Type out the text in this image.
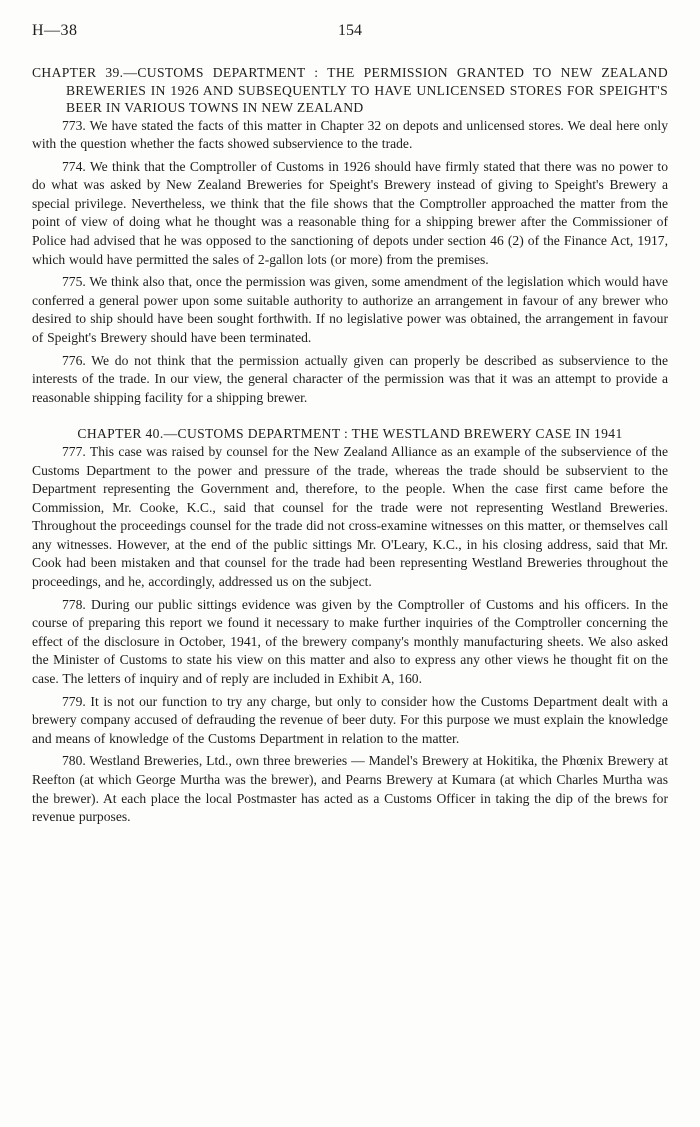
H—38	154
CHAPTER 39.—CUSTOMS DEPARTMENT : THE PERMISSION GRANTED TO NEW ZEALAND BREWERIES IN 1926 AND SUBSEQUENTLY TO HAVE UNLICENSED STORES FOR SPEIGHT'S BEER IN VARIOUS TOWNS IN NEW ZEALAND

773. We have stated the facts of this matter in Chapter 32 on depots and unlicensed stores. We deal here only with the question whether the facts showed subservience to the trade.

774. We think that the Comptroller of Customs in 1926 should have firmly stated that there was no power to do what was asked by New Zealand Breweries for Speight's Brewery instead of giving to Speight's Brewery a special privilege. Nevertheless, we think that the file shows that the Comptroller approached the matter from the point of view of doing what he thought was a reasonable thing for a shipping brewer after the Commissioner of Police had advised that he was opposed to the sanctioning of depots under section 46 (2) of the Finance Act, 1917, which would have permitted the sales of 2-gallon lots (or more) from the premises.

775. We think also that, once the permission was given, some amendment of the legislation which would have conferred a general power upon some suitable authority to authorize an arrangement in favour of any brewer who desired to ship should have been sought forthwith. If no legislative power was obtained, the arrangement in favour of Speight's Brewery should have been terminated.

776. We do not think that the permission actually given can properly be described as subservience to the interests of the trade. In our view, the general character of the permission was that it was an attempt to provide a reasonable shipping facility for a shipping brewer.

CHAPTER 40.—CUSTOMS DEPARTMENT : THE WESTLAND BREWERY CASE IN 1941

777. This case was raised by counsel for the New Zealand Alliance as an example of the subservience of the Customs Department to the power and pressure of the trade, whereas the trade should be subservient to the Department representing the Government and, therefore, to the people. When the case first came before the Commission, Mr. Cooke, K.C., said that counsel for the trade were not representing Westland Breweries. Throughout the proceedings counsel for the trade did not cross-examine witnesses on this matter, or themselves call any witnesses. However, at the end of the public sittings Mr. O'Leary, K.C., in his closing address, said that Mr. Cook had been mistaken and that counsel for the trade had been representing Westland Breweries throughout the proceedings, and he, accordingly, addressed us on the subject.

778. During our public sittings evidence was given by the Comptroller of Customs and his officers. In the course of preparing this report we found it necessary to make further inquiries of the Comptroller concerning the effect of the disclosure in October, 1941, of the brewery company's monthly manufacturing sheets. We also asked the Minister of Customs to state his view on this matter and also to express any other views he thought fit on the case. The letters of inquiry and of reply are included in Exhibit A, 160.

779. It is not our function to try any charge, but only to consider how the Customs Department dealt with a brewery company accused of defrauding the revenue of beer duty. For this purpose we must explain the knowledge and means of knowledge of the Customs Department in relation to the matter.

780. Westland Breweries, Ltd., own three breweries — Mandel's Brewery at Hokitika, the Phœnix Brewery at Reefton (at which George Murtha was the brewer), and Pearns Brewery at Kumara (at which Charles Murtha was the brewer). At each place the local Postmaster has acted as a Customs Officer in taking the dip of the brews for revenue purposes.
